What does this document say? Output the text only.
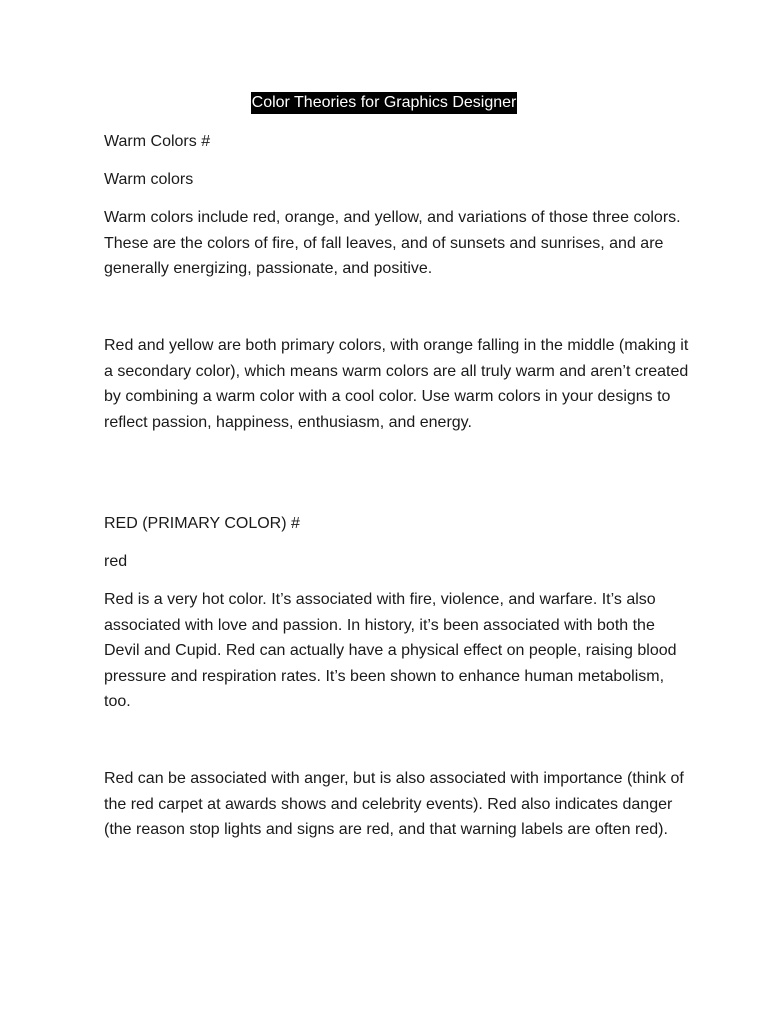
Color Theories for Graphics Designer

Warm Colors #

Warm colors

Warm colors include red, orange, and yellow, and variations of those three colors. These are the colors of fire, of fall leaves, and of sunsets and sunrises, and are generally energizing, passionate, and positive.

Red and yellow are both primary colors, with orange falling in the middle (making it a secondary color), which means warm colors are all truly warm and aren’t created by combining a warm color with a cool color. Use warm colors in your designs to reflect passion, happiness, enthusiasm, and energy.

RED (PRIMARY COLOR) #

red

Red is a very hot color. It’s associated with fire, violence, and warfare. It’s also associated with love and passion. In history, it’s been associated with both the Devil and Cupid. Red can actually have a physical effect on people, raising blood pressure and respiration rates. It’s been shown to enhance human metabolism, too.

Red can be associated with anger, but is also associated with importance (think of the red carpet at awards shows and celebrity events). Red also indicates danger (the reason stop lights and signs are red, and that warning labels are often red).
